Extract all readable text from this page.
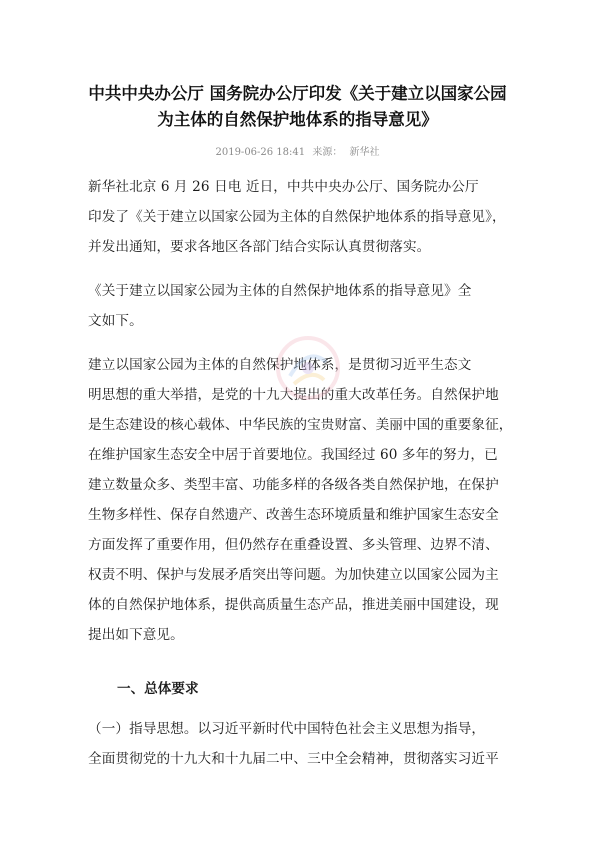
中共中央办公厅 国务院办公厅印发《关于建立以国家公园
为主体的自然保护地体系的指导意见》
2019-06-26 18:41 来源： 新华社
新华社北京 6 月 26 日电 近日，中共中央办公厅、国务院办公厅
印发了《关于建立以国家公园为主体的自然保护地体系的指导意见》，
并发出通知，要求各地区各部门结合实际认真贯彻落实。
《关于建立以国家公园为主体的自然保护地体系的指导意见》全
文如下。
建立以国家公园为主体的自然保护地体系，是贯彻习近平生态文
明思想的重大举措，是党的十九大提出的重大改革任务。自然保护地
是生态建设的核心载体、中华民族的宝贵财富、美丽中国的重要象征，
在维护国家生态安全中居于首要地位。我国经过 60 多年的努力，已
建立数量众多、类型丰富、功能多样的各级各类自然保护地，在保护
生物多样性、保存自然遗产、改善生态环境质量和维护国家生态安全
方面发挥了重要作用，但仍然存在重叠设置、多头管理、边界不清、
权责不明、保护与发展矛盾突出等问题。为加快建立以国家公园为主
体的自然保护地体系，提供高质量生态产品，推进美丽中国建设，现
提出如下意见。
一、总体要求
（一）指导思想。以习近平新时代中国特色社会主义思想为指导，
全面贯彻党的十九大和十九届二中、三中全会精神，贯彻落实习近平
